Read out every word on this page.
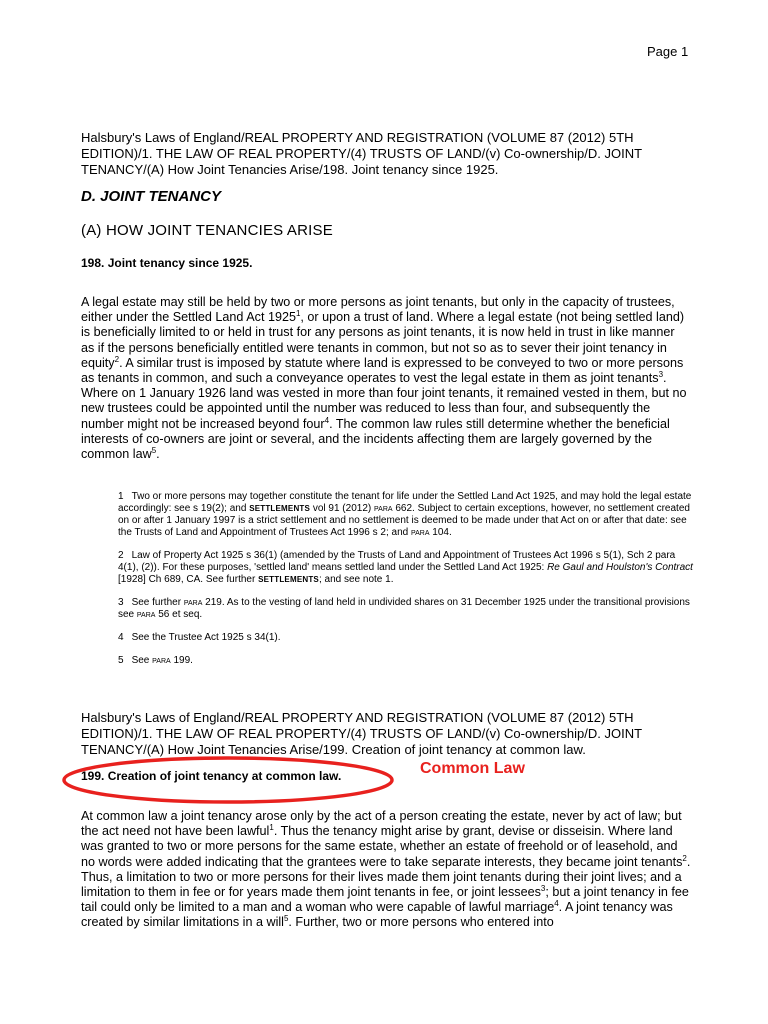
Page 1
Halsbury's Laws of England/REAL PROPERTY AND REGISTRATION (VOLUME 87 (2012) 5TH
EDITION)/1. THE LAW OF REAL PROPERTY/(4) TRUSTS OF LAND/(v) Co-ownership/D. JOINT
TENANCY/(A) How Joint Tenancies Arise/198. Joint tenancy since 1925.
D. JOINT TENANCY
(A) HOW JOINT TENANCIES ARISE
198. Joint tenancy since 1925.
A legal estate may still be held by two or more persons as joint tenants, but only in the capacity of trustees, either under the Settled Land Act 1925$^1$, or upon a trust of land. Where a legal estate (not being settled land) is beneficially limited to or held in trust for any persons as joint tenants, it is now held in trust in like manner as if the persons beneficially entitled were tenants in common, but not so as to sever their joint tenancy in equity$^2$. A similar trust is imposed by statute where land is expressed to be conveyed to two or more persons as tenants in common, and such a conveyance operates to vest the legal estate in them as joint tenants$^3$. Where on 1 January 1926 land was vested in more than four joint tenants, it remained vested in them, but no new trustees could be appointed until the number was reduced to less than four, and subsequently the number might not be increased beyond four$^4$. The common law rules still determine whether the beneficial interests of co-owners are joint or several, and the incidents affecting them are largely governed by the common law$^5$.
1 Two or more persons may together constitute the tenant for life under the Settled Land Act 1925, and may hold the legal estate accordingly: see s 19(2); and SETTLEMENTS vol 91 (2012) para 662. Subject to certain exceptions, however, no settlement created on or after 1 January 1997 is a strict settlement and no settlement is deemed to be made under that Act on or after that date: see the Trusts of Land and Appointment of Trustees Act 1996 s 2; and para 104.
2 Law of Property Act 1925 s 36(1) (amended by the Trusts of Land and Appointment of Trustees Act 1996 s 5(1), Sch 2 para 4(1), (2)). For these purposes, 'settled land' means settled land under the Settled Land Act 1925: Re Gaul and Houlston's Contract [1928] Ch 689, CA. See further SETTLEMENTS; and see note 1.
3 See further para 219. As to the vesting of land held in undivided shares on 31 December 1925 under the transitional provisions see para 56 et seq.
4 See the Trustee Act 1925 s 34(1).
5 See para 199.
Halsbury's Laws of England/REAL PROPERTY AND REGISTRATION (VOLUME 87 (2012) 5TH
EDITION)/1. THE LAW OF REAL PROPERTY/(4) TRUSTS OF LAND/(v) Co-ownership/D. JOINT
TENANCY/(A) How Joint Tenancies Arise/199. Creation of joint tenancy at common law.
199. Creation of joint tenancy at common law.	Common Law
At common law a joint tenancy arose only by the act of a person creating the estate, never by act of law; but the act need not have been lawful$^1$. Thus the tenancy might arise by grant, devise or disseisin. Where land was granted to two or more persons for the same estate, whether an estate of freehold or of leasehold, and no words were added indicating that the grantees were to take separate interests, they became joint tenants$^2$. Thus, a limitation to two or more persons for their lives made them joint tenants during their joint lives; and a limitation to them in fee or for years made them joint tenants in fee, or joint lessees$^3$; but a joint tenancy in fee tail could only be limited to a man and a woman who were capable of lawful marriage$^4$. A joint tenancy was created by similar limitations in a will$^5$. Further, two or more persons who entered into
